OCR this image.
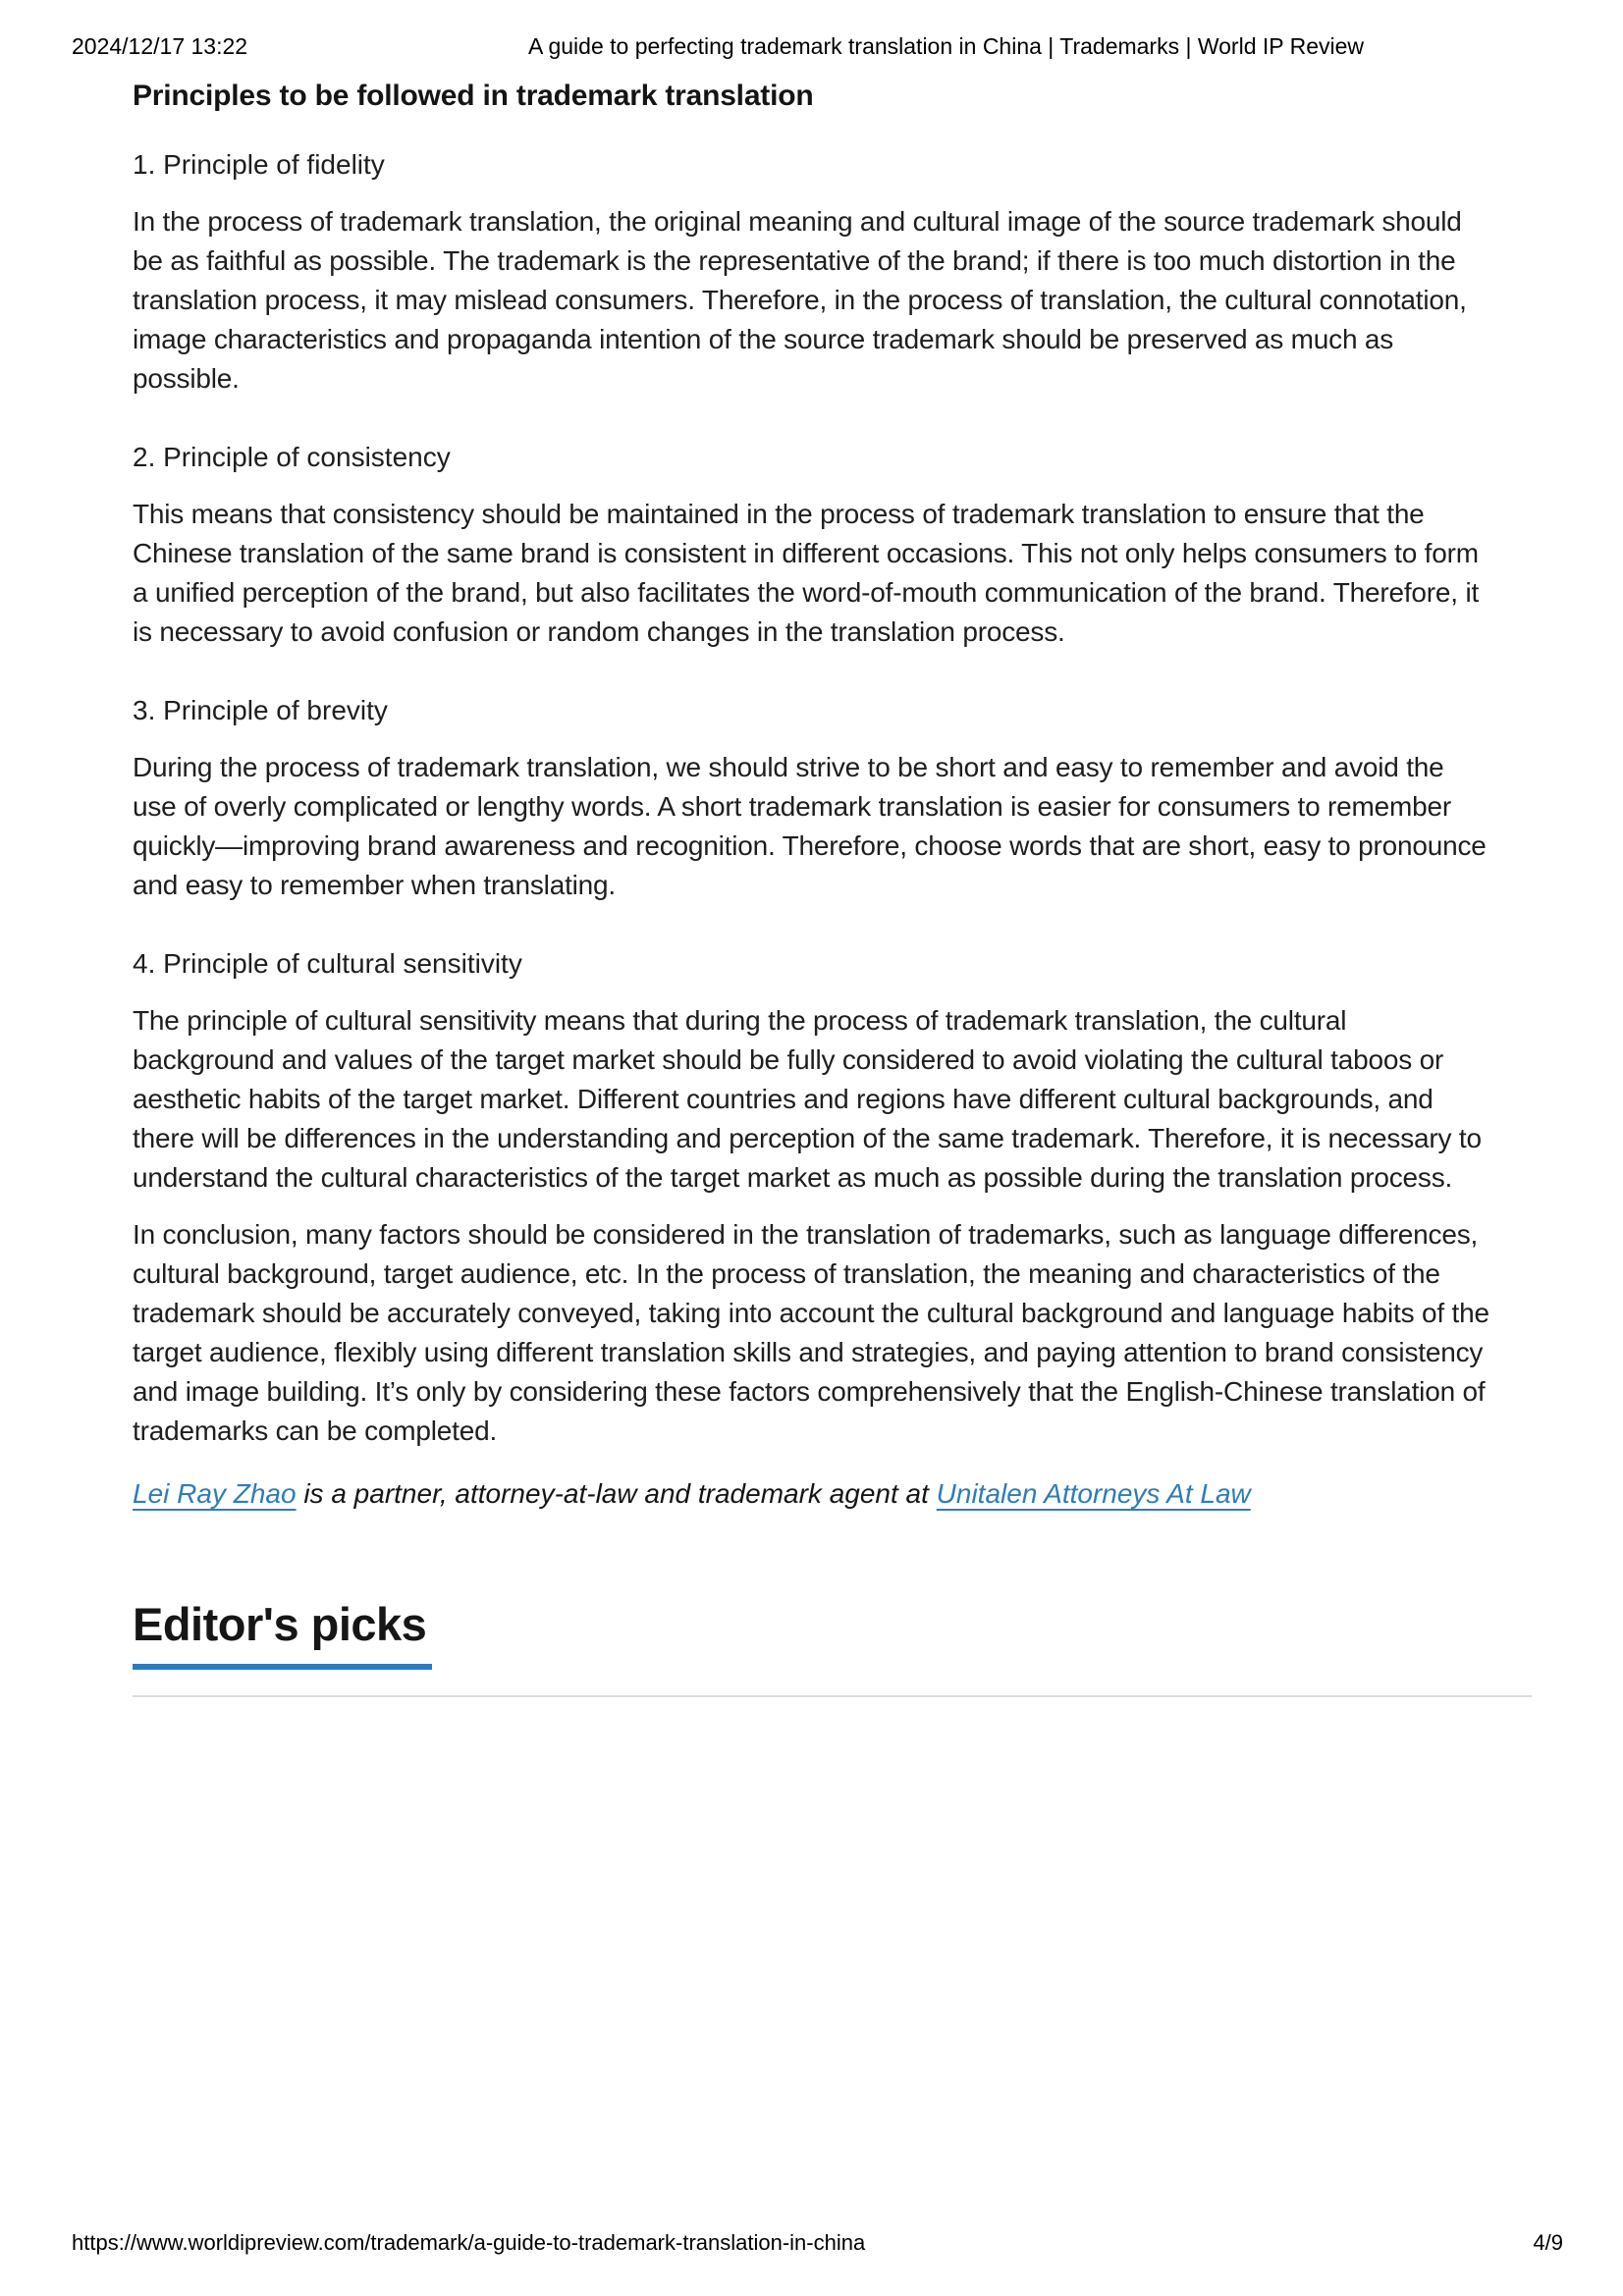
2024/12/17 13:22	A guide to perfecting trademark translation in China | Trademarks | World IP Review
Principles to be followed in trademark translation
1. Principle of fidelity

In the process of trademark translation, the original meaning and cultural image of the source trademark should be as faithful as possible. The trademark is the representative of the brand; if there is too much distortion in the translation process, it may mislead consumers. Therefore, in the process of translation, the cultural connotation, image characteristics and propaganda intention of the source trademark should be preserved as much as possible.

2. Principle of consistency

This means that consistency should be maintained in the process of trademark translation to ensure that the Chinese translation of the same brand is consistent in different occasions. This not only helps consumers to form a unified perception of the brand, but also facilitates the word-of-mouth communication of the brand. Therefore, it is necessary to avoid confusion or random changes in the translation process.

3. Principle of brevity

During the process of trademark translation, we should strive to be short and easy to remember and avoid the use of overly complicated or lengthy words. A short trademark translation is easier for consumers to remember quickly—improving brand awareness and recognition. Therefore, choose words that are short, easy to pronounce and easy to remember when translating.

4. Principle of cultural sensitivity

The principle of cultural sensitivity means that during the process of trademark translation, the cultural background and values of the target market should be fully considered to avoid violating the cultural taboos or aesthetic habits of the target market. Different countries and regions have different cultural backgrounds, and there will be differences in the understanding and perception of the same trademark. Therefore, it is necessary to understand the cultural characteristics of the target market as much as possible during the translation process.

In conclusion, many factors should be considered in the translation of trademarks, such as language differences, cultural background, target audience, etc. In the process of translation, the meaning and characteristics of the trademark should be accurately conveyed, taking into account the cultural background and language habits of the target audience, flexibly using different translation skills and strategies, and paying attention to brand consistency and image building. It’s only by considering these factors comprehensively that the English-Chinese translation of trademarks can be completed.

Lei Ray Zhao is a partner, attorney-at-law and trademark agent at Unitalen Attorneys At Law
Editor's picks
https://www.worldipreview.com/trademark/a-guide-to-trademark-translation-in-china	4/9
